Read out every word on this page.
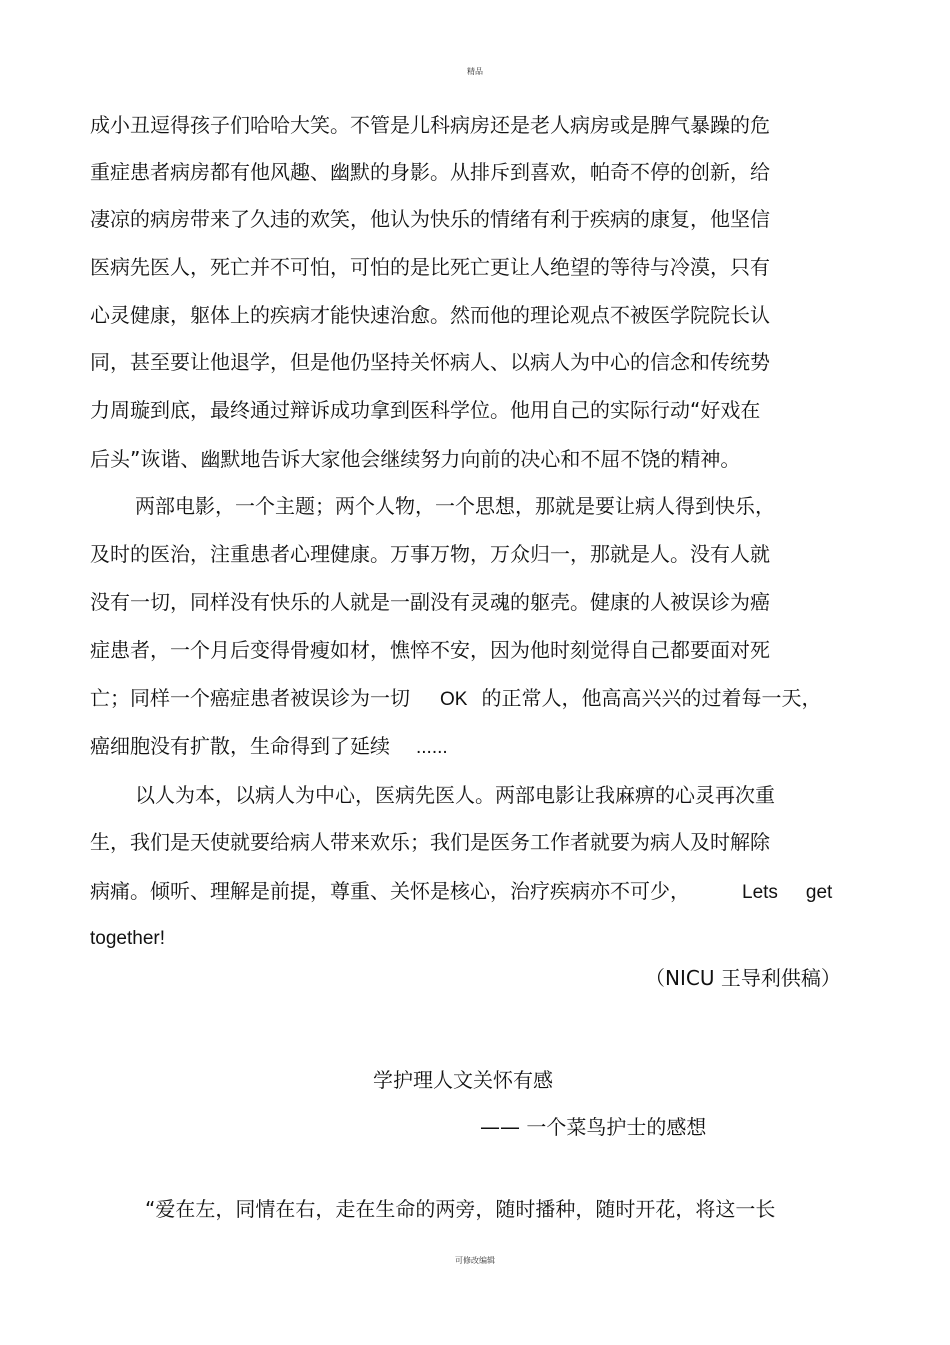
精品
成小丑逗得孩子们哈哈大笑。不管是儿科病房还是老人病房或是脾气暴躁的危
重症患者病房都有他风趣、幽默的身影。从排斥到喜欢，帕奇不停的创新，给
凄凉的病房带来了久违的欢笑，他认为快乐的情绪有利于疾病的康复，他坚信
医病先医人，死亡并不可怕，可怕的是比死亡更让人绝望的等待与冷漠，只有
心灵健康，躯体上的疾病才能快速治愈。然而他的理论观点不被医学院院长认
同，甚至要让他退学，但是他仍坚持关怀病人、以病人为中心的信念和传统势
力周璇到底，最终通过辩诉成功拿到医科学位。他用自己的实际行动“好戏在
后头”诙谐、幽默地告诉大家他会继续努力向前的决心和不屈不饶的精神。
两部电影，一个主题；两个人物，一个思想，那就是要让病人得到快乐，
及时的医治，注重患者心理健康。万事万物，万众归一，那就是人。没有人就
没有一切，同样没有快乐的人就是一副没有灵魂的躯壳。健康的人被误诊为癌
症患者，一个月后变得骨瘦如材，憔悴不安，因为他时刻觉得自己都要面对死
亡；同样一个癌症患者被误诊为一切 OK 的正常人，他高高兴兴的过着每一天，
癌细胞没有扩散，生命得到了延续 ......
以人为本，以病人为中心，医病先医人。两部电影让我麻痹的心灵再次重
生，我们是天使就要给病人带来欢乐；我们是医务工作者就要为病人及时解除
病痛。倾听、理解是前提，尊重、关怀是核心，治疗疾病亦不可少，	Lets get
together!
（NICU 王导利供稿）
学护理人文关怀有感
—— 一个菜鸟护士的感想
“爱在左，同情在右，走在生命的两旁，随时播种，随时开花，将这一长
可修改编辑
